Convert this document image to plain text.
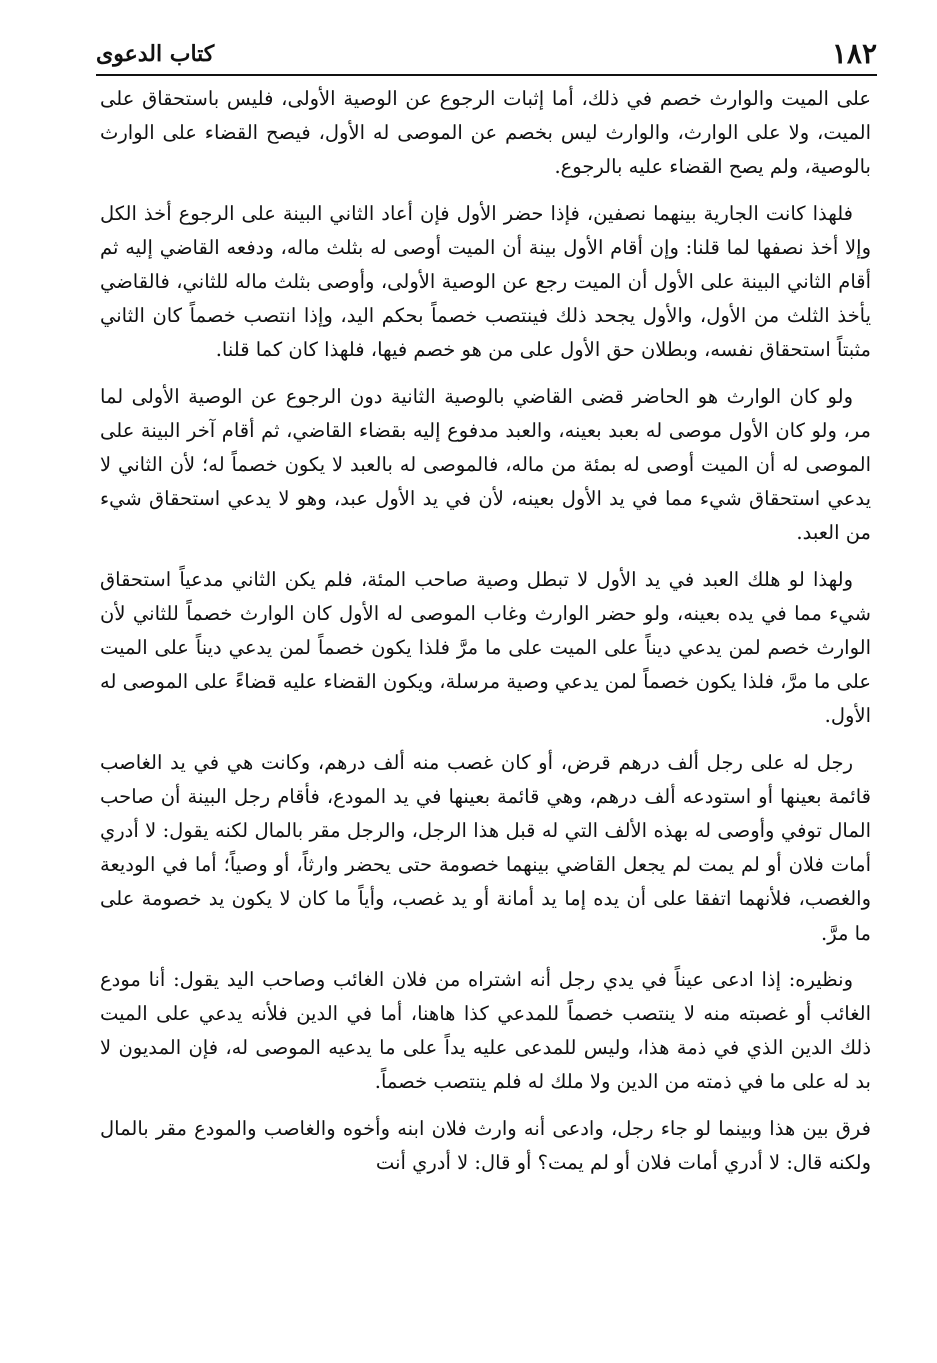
١٨٢
كتاب الدعوى

على الميت والوارث خصم في ذلك، أما إثبات الرجوع عن الوصية الأولى، فليس باستحقاق على الميت، ولا على الوارث، والوارث ليس بخصم عن الموصى له الأول، فيصح القضاء على الوارث بالوصية، ولم يصح القضاء عليه بالرجوع.

فلهذا كانت الجارية بينهما نصفين، فإذا حضر الأول فإن أعاد الثاني البينة على الرجوع أخذ الكل وإلا أخذ نصفها لما قلنا: وإن أقام الأول بينة أن الميت أوصى له بثلث ماله، ودفعه القاضي إليه ثم أقام الثاني البينة على الأول أن الميت رجع عن الوصية الأولى، وأوصى بثلث ماله للثاني، فالقاضي يأخذ الثلث من الأول، والأول يجحد ذلك فينتصب خصماً بحكم اليد، وإذا انتصب خصماً كان الثاني مثبتاً استحقاق نفسه، وبطلان حق الأول على من هو خصم فيها، فلهذا كان كما قلنا.

ولو كان الوارث هو الحاضر قضى القاضي بالوصية الثانية دون الرجوع عن الوصية الأولى لما مر، ولو كان الأول موصى له بعبد بعينه، والعبد مدفوع إليه بقضاء القاضي، ثم أقام آخر البينة على الموصى له أن الميت أوصى له بمئة من ماله، فالموصى له بالعبد لا يكون خصماً له؛ لأن الثاني لا يدعي استحقاق شيء مما في يد الأول بعينه، لأن في يد الأول عبد، وهو لا يدعي استحقاق شيء من العبد.

ولهذا لو هلك العبد في يد الأول لا تبطل وصية صاحب المئة، فلم يكن الثاني مدعياً استحقاق شيء مما في يده بعينه، ولو حضر الوارث وغاب الموصى له الأول كان الوارث خصماً للثاني لأن الوارث خصم لمن يدعي ديناً على الميت على ما مرَّ فلذا يكون خصماً لمن يدعي ديناً على الميت على ما مرَّ، فلذا يكون خصماً لمن يدعي وصية مرسلة، ويكون القضاء عليه قضاءً على الموصى له الأول.

رجل له على رجل ألف درهم قرض، أو كان غصب منه ألف درهم، وكانت هي في يد الغاصب قائمة بعينها أو استودعه ألف درهم، وهي قائمة بعينها في يد المودع، فأقام رجل البينة أن صاحب المال توفي وأوصى له بهذه الألف التي له قبل هذا الرجل، والرجل مقر بالمال لكنه يقول: لا أدري أمات فلان أو لم يمت لم يجعل القاضي بينهما خصومة حتى يحضر وارثاً، أو وصياً؛ أما في الوديعة والغصب، فلأنهما اتفقا على أن يده إما يد أمانة أو يد غصب، وأياً ما كان لا يكون يد خصومة على ما مرَّ.

ونظيره: إذا ادعى عيناً في يدي رجل أنه اشتراه من فلان الغائب وصاحب اليد يقول: أنا مودع الغائب أو غصبته منه لا ينتصب خصماً للمدعي كذا هاهنا، أما في الدين فلأنه يدعي على الميت ذلك الدين الذي في ذمة هذا، وليس للمدعى عليه يداً على ما يدعيه الموصى له، فإن المديون لا بد له على ما في ذمته من الدين ولا ملك له فلم ينتصب خصماً.

فرق بين هذا وبينما لو جاء رجل، وادعى أنه وارث فلان ابنه وأخوه والغاصب والمودع مقر بالمال ولكنه قال: لا أدري أمات فلان أو لم يمت؟ أو قال: لا أدري أنت
